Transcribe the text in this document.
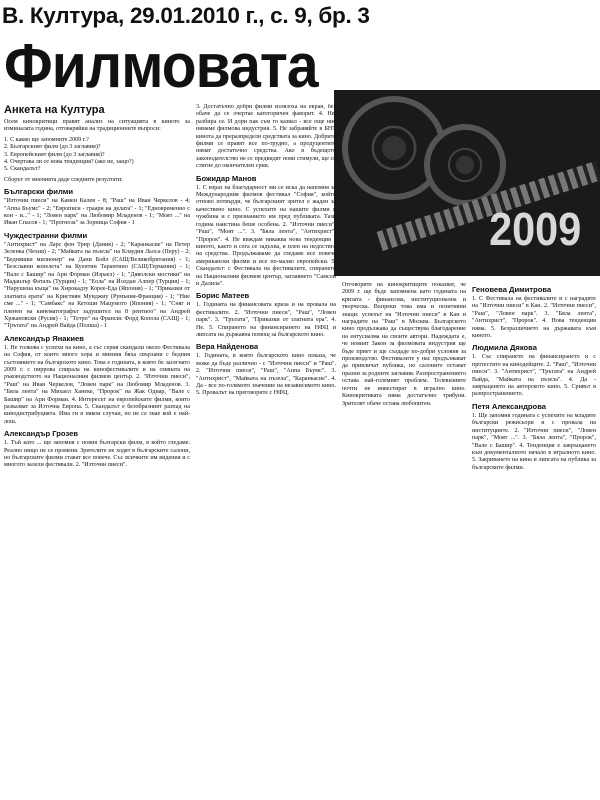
В. Култура, 29.01.2010 г., с. 9, бр. 3
Филмовата
2009
Анкета на Култура

Осем кинокритици правят анализ на ситуацията в киното за изминалата година, отговаряйки на традиционните въпроси:

1. С какво ще запомните 2009 г.?

2. Българският филм (до 3 заглавия)?

3. Европейският филм (до 3 заглавия)?

4. Очертава ли се нова тенденция? (ако не, защо?)

5. Скандалът?

Сборът от мненията даде следните резултати:

Български филми

"Източни пиеси" на Камен Калев - 8; "Раш" на Иван Черкелов - 4; "Аппа Бъумс" - 2; "Европиси - граари на делата" - 1; "Едновременно с кон - и..." - 1; "Ловен парк" на Любомир Младенов - 1; "Моят ..." на Иван Спасов - 1; "Прогноза" за Зорница София - 1

Чуждестранни филми

"Антихрист" на Ларс фон Трир (Дания) - 2; "Каранкасие" на Петер Зеленка (Чехия) - 2; "Майката на пъзела" на Клаудия Льоса (Перу) - 2; "Бедняшки милионер" на Дани Бойл (САЩ/Великобритания) - 1; "Безславни копелета" на Куентин Тарантино (САЩ/Германия) - 1; "Вале с Башир" на Ари Форман (Израел) - 1; "Дяволски мостики" на Маданлър Фаталь (Турция) - 1; "Еола" на Йолдан Алпер (Турция) - 1; "Нарушена къща" на Хирокадзу Корее-Еда (Япония) - 1; "Приказки от златната ерата" на Кристиян Мунджиу (Румъния-Франция) - 1; "Ние сме ..." - 1; "Самбакс" на Кетоши Мацумото (Япония) - 1; "Сняг и пленен на кинематографът задушител на 8 рентиоо" на Андрей Хржановски (Русия) - 1; "Тетро" на Франсис Форд Копола (САЩ) - 1; "Трътата" на Андрей Вайда (Полша) - 1

Александър Янакиев

1. Не толкова с успехи на кино, а със серия скандали около Фестивала на София, от които много хора и мнения бяха свързани с бедния състоянието на българското кино. Това е годината, в която бе засегнато 2009 г. с пиррова спирала на кинофестивалите и на смяната на ръководството на Националния филмов център. 2. "Източни пиеси", "Раш" на Иван Черкелов, "Ловен парк" на Любомир Младенов. 3. "Бяла лента" на Михаел Ханеке, "Пророк" на Жак Одиар, "Вале с Башир" на Ари Форман. 4. Интересът на европейските филми, които разказват за Източна Европа. 5. Скандалът е безобразният разпад на кинодистрибуцията. Има ги в някои случаи, но не се знае кой е най-лош.

Александър Грозев

1. Тъй като ... ще запомня с новия български филм, в който гледаме. Реално нищо не се променя. Зрителите не ходят в българските салони, но българските филми стават все повече. Със всичките им видения и с многото залели фестивали. 2. "Източни пиеси".

3. Достатъчно добри филми излязоха на екран, без обаче да се очертае категоричен фаворит. 4. Не, разбира се. И дори пак съм го казвал - все още ние нямаме филмова индустрия. 5. Не забравяйте в БНТ кинота да преразпредели средствата за кино. Добрите филми се правят все по-трудно, а продуцентите нямат достатъчно средства. Ако в бъдещото законодателство не се предвидят нови стимули, ще се стигне до окончателен срив.

Божидар Манов

1. С израз на благодарност ми се иска да напомня за Международния филмов фестивал "София", който отново потвърди, че българският зрител е жаден за качествено кино. С успехите на нашите филми в чужбина и с признанието им пред публиката. Тази година наистина беше особена. 2. "Източни пиеси", "Раш", "Моят ...". 3. "Бяла лента", "Антихрист", "Пророк". 4. Не виждам никаква нова тенденция - киното, както и сега се задъхва, в плен на недостига на средства. Продължаваме да гледаме все повече американски филми и все по-малко европейски. 5. Скандалът: с Фестивала на фестивалите, спирането на Националния филмов център, заглавието "Самсон и Далила".

Борис Матеев

1. Годината на финансовата криза и на провала на фестивалите. 2. "Източни пиеси", "Раш", "Ловен парк". 3. "Трътата", "Приказки от златната ера". 4. Не. 5. Спирането на финансирането на НФЦ и липсата на държавна помощ за българското кино.

Вера Найденова

1. Годината, в която българското кино показа, че може да бъде различно - с "Източни пиеси" и "Раш". 2. "Източни пиеси", "Раш", "Аппа Бъумс". 3. "Антихрист", "Майката на пъзела", "Каранкасие". 4. Да - все по-голямото значение на независимото кино. 5. Провалът на преговорите с НФЦ.

Отговорите на кинокритиците показват, че 2009 г. ще бъде запомнена като годината на кризата - финансова, институционална и творческа. Въпреки това има и позитивни знаци: успехът на "Източни пиеси" в Кан и наградите на "Раш" в Москва. Българското кино продължава да съществува благодарение на ентусиазма на своите автори. Надеждата е, че новият Закон за филмовата индустрия ще бъде приет и ще създаде по-добри условия за производство. Фестивалите у нас продължават да привличат публика, но салоните остават празни за родните заглавия. Разпространението остава най-големият проблем. Телевизиите почти не инвестират в игрално кино. Кинокритиката няма достатъчно трибуни. Зрителят обаче остава любопитен.

Геновева Димитрова

1. С Фестивала на фестивалите и с наградите на "Източни пиеси" в Кан. 2. "Източни пиеси", "Раш", "Ловен парк". 3. "Бяла лента", "Антихрист", "Пророк". 4. Нова тенденция няма. 5. Безразличието на държавата към киното.

Людмила Дякова

1. Със спирането на финансирането и с протестите на кинодейците. 2. "Раш", "Източни пиеси". 3. "Антихрист", "Трътата" на Андрей Вайда, "Майката на пъзела". 4. Да - завръщането на авторското кино. 5. Сривът в разпространението.

Петя Александрова

1. Ще запомня годината с успехите на младите български режисьори и с провала на институциите. 2. "Източни пиеси", "Ловен парк", "Моят ...". 3. "Бяла лента", "Пророк", "Вале с Башир". 4. Тенденция е завръщането към документалното начало в игралното кино. 5. Закриването на кина и липсата на публика за българските филми.
